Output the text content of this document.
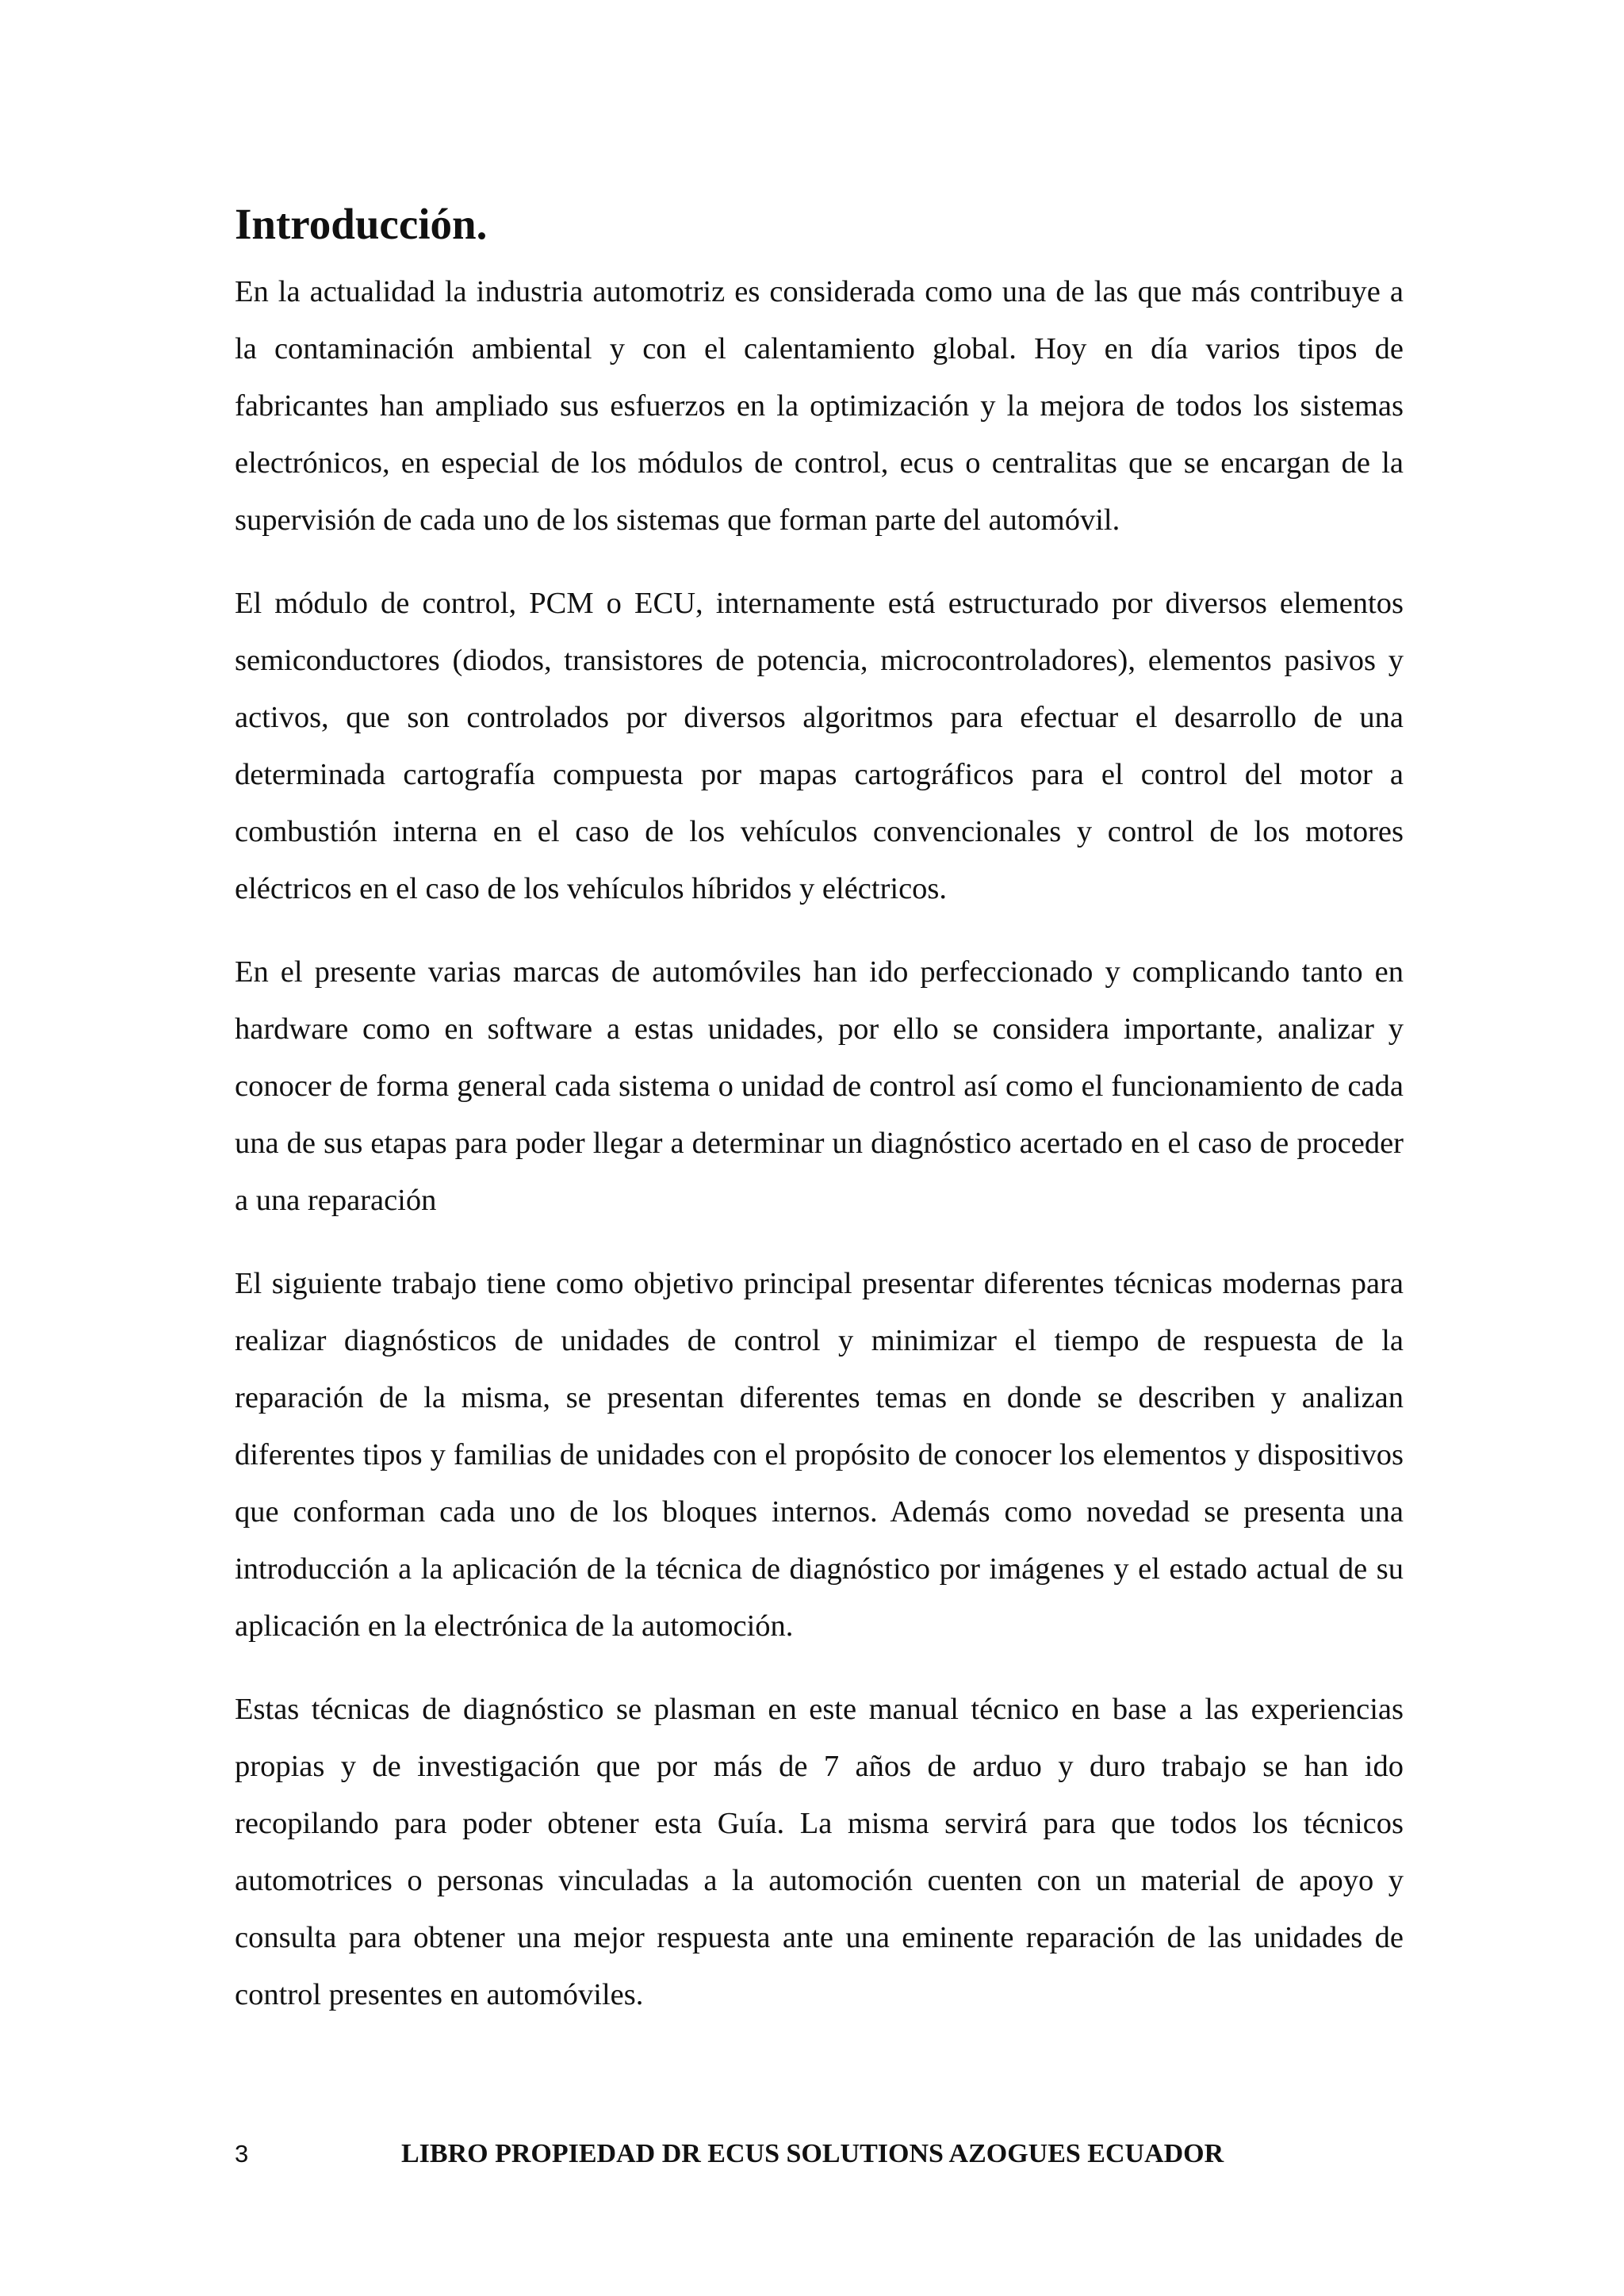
Introducción.

En la actualidad la industria automotriz es considerada como una de las que más contribuye a la contaminación ambiental y con el calentamiento global. Hoy en día varios tipos de fabricantes han ampliado sus esfuerzos en la optimización y la mejora de todos los sistemas electrónicos, en especial de los módulos de control, ecus o centralitas que se encargan de la supervisión de cada uno de los sistemas que forman parte del automóvil.

El módulo de control, PCM o ECU, internamente está estructurado por diversos elementos semiconductores (diodos, transistores de potencia, microcontroladores), elementos pasivos y activos, que son controlados por diversos algoritmos para efectuar el desarrollo de una determinada cartografía compuesta por mapas cartográficos para el control del motor a combustión interna en el caso de los vehículos convencionales y control de los motores eléctricos en el caso de los vehículos híbridos y eléctricos.

En el presente varias marcas de automóviles han ido perfeccionado y complicando tanto en hardware como en software a estas unidades, por ello se considera importante, analizar y conocer de forma general cada sistema o unidad de control así como el funcionamiento de cada una de sus etapas para poder llegar a determinar un diagnóstico acertado en el caso de proceder a una reparación

El siguiente trabajo tiene como objetivo principal presentar diferentes técnicas modernas para realizar diagnósticos de unidades de control y minimizar el tiempo de respuesta de la reparación de la misma, se presentan diferentes temas en donde se describen y analizan diferentes tipos y familias de unidades con el propósito de conocer los elementos y dispositivos que conforman cada uno de los bloques internos. Además como novedad se presenta una introducción a la aplicación de la técnica de diagnóstico por imágenes y el estado actual de su aplicación en la electrónica de la automoción.

Estas técnicas de diagnóstico se plasman en este manual técnico en base a las experiencias propias y de investigación que por más de 7 años de arduo y duro trabajo se han ido recopilando para poder obtener esta Guía. La misma servirá para que todos los técnicos automotrices o personas vinculadas a la automoción cuenten con un material de apoyo y consulta para obtener una mejor respuesta ante una eminente reparación de las unidades de control presentes en automóviles.

3	LIBRO PROPIEDAD DR ECUS SOLUTIONS AZOGUES ECUADOR
